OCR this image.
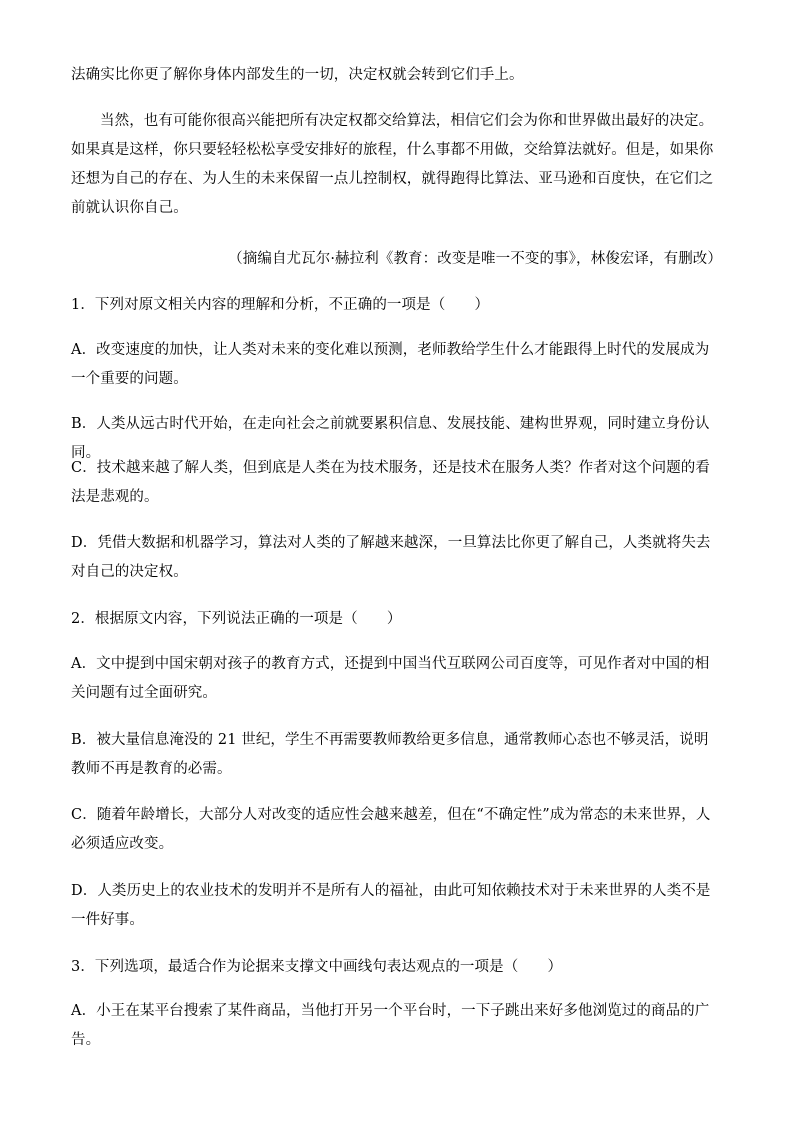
法确实比你更了解你身体内部发生的一切，决定权就会转到它们手上。

当然，也有可能你很高兴能把所有决定权都交给算法，相信它们会为你和世界做出最好的决定。如果真是这样，你只要轻轻松松享受安排好的旅程，什么事都不用做，交给算法就好。但是，如果你还想为自己的存在、为人生的未来保留一点儿控制权，就得跑得比算法、亚马逊和百度快，在它们之前就认识你自己。

（摘编自尤瓦尔·赫拉利《教育：改变是唯一不变的事》，林俊宏译，有删改）

1．下列对原文相关内容的理解和分析，不正确的一项是（　　）

A．改变速度的加快，让人类对未来的变化难以预测，老师教给学生什么才能跟得上时代的发展成为一个重要的问题。

B．人类从远古时代开始，在走向社会之前就要累积信息、发展技能、建构世界观，同时建立身份认同。

C．技术越来越了解人类，但到底是人类在为技术服务，还是技术在服务人类？作者对这个问题的看法是悲观的。

D．凭借大数据和机器学习，算法对人类的了解越来越深，一旦算法比你更了解自己，人类就将失去对自己的决定权。

2．根据原文内容，下列说法正确的一项是（　　）

A．文中提到中国宋朝对孩子的教育方式，还提到中国当代互联网公司百度等，可见作者对中国的相关问题有过全面研究。

B．被大量信息淹没的 21 世纪，学生不再需要教师教给更多信息，通常教师心态也不够灵活，说明教师不再是教育的必需。

C．随着年龄增长，大部分人对改变的适应性会越来越差，但在“不确定性”成为常态的未来世界，人必须适应改变。

D．人类历史上的农业技术的发明并不是所有人的福祉，由此可知依赖技术对于未来世界的人类不是一件好事。

3．下列选项，最适合作为论据来支撑文中画线句表达观点的一项是（　　）

A．小王在某平台搜索了某件商品，当他打开另一个平台时，一下子跳出来好多他浏览过的商品的广告。
